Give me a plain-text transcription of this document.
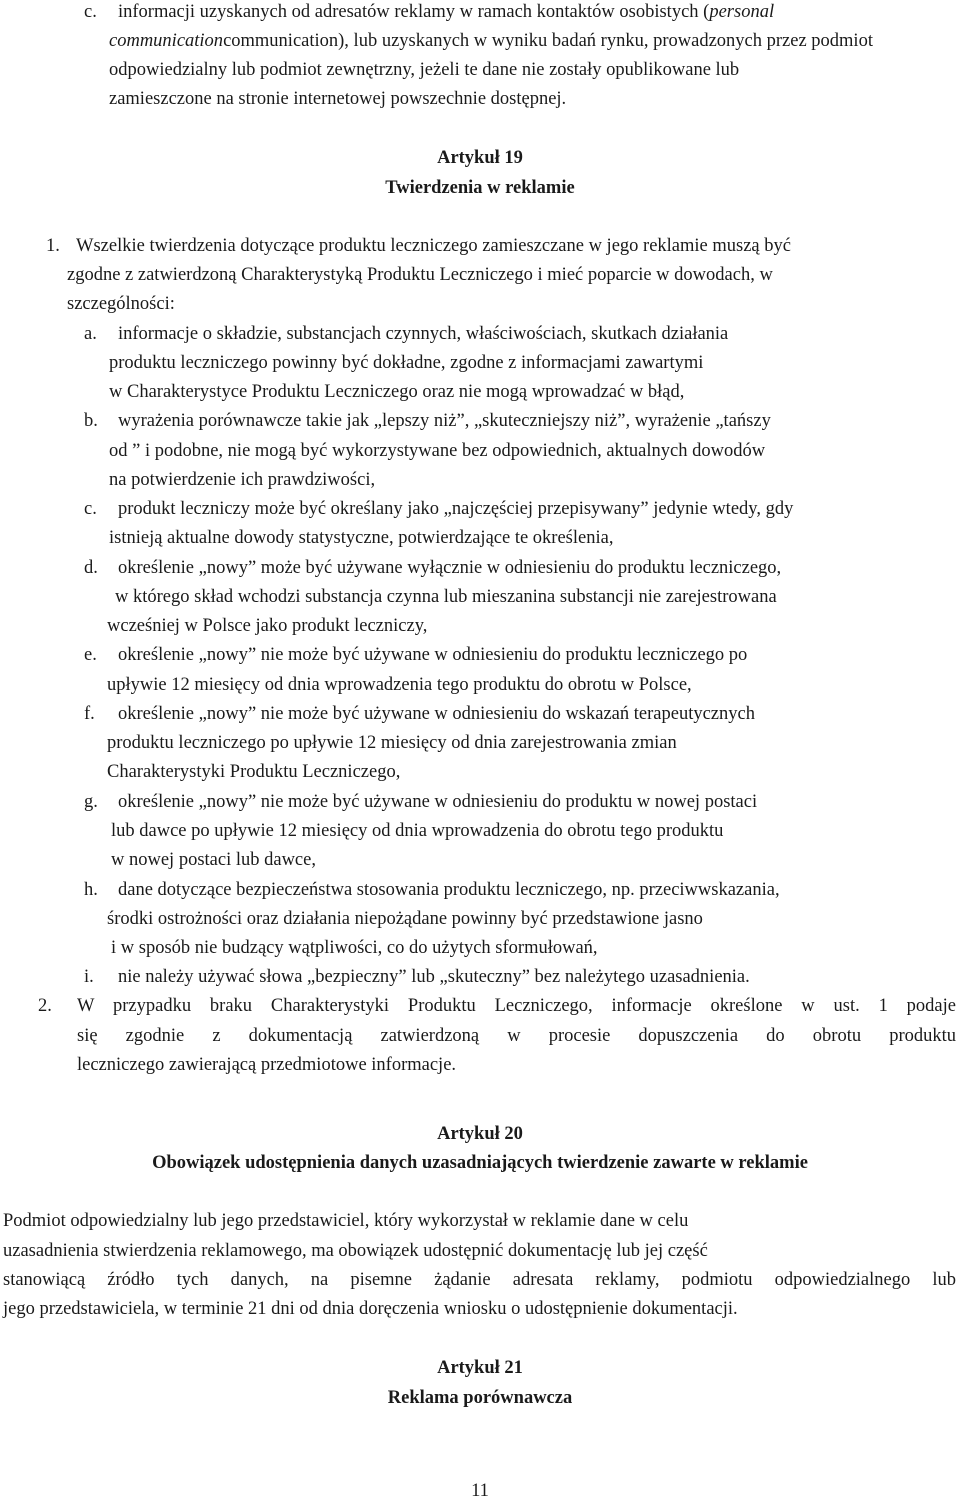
c. informacji uzyskanych od adresatów reklamy w ramach kontaktów osobistych (personal
communicationcommunication), lub uzyskanych w wyniku badań rynku, prowadzonych przez podmiot
odpowiedzialny lub podmiot zewnętrzny, jeżeli te dane nie zostały opublikowane lub
zamieszczone na stronie internetowej powszechnie dostępnej.
Artykuł 19
Twierdzenia w reklamie
1. Wszelkie twierdzenia dotyczące produktu leczniczego zamieszczane w jego reklamie muszą być
zgodne z zatwierdzoną Charakterystyką Produktu Leczniczego i mieć poparcie w dowodach, w
szczególności:
a. informacje o składzie, substancjach czynnych, właściwościach, skutkach działania
produktu leczniczego powinny być dokładne, zgodne z informacjami zawartymi
w Charakterystyce Produktu Leczniczego oraz nie mogą wprowadzać w błąd,
b. wyrażenia porównawcze takie jak „lepszy niż”, „skuteczniejszy niż”, wyrażenie „tańszy
od ” i podobne, nie mogą być wykorzystywane bez odpowiednich, aktualnych dowodów
na potwierdzenie ich prawdziwości,
c. produkt leczniczy może być określany jako „najczęściej przepisywany” jedynie wtedy, gdy
istnieją aktualne dowody statystyczne, potwierdzające te określenia,
d. określenie „nowy” może być używane wyłącznie w odniesieniu do produktu leczniczego,
w którego skład wchodzi substancja czynna lub mieszanina substancji nie zarejestrowana
wcześniej w Polsce jako produkt leczniczy,
e. określenie „nowy” nie może być używane w odniesieniu do produktu leczniczego po
upływie 12 miesięcy od dnia wprowadzenia tego produktu do obrotu w Polsce,
f. określenie „nowy” nie może być używane w odniesieniu do wskazań terapeutycznych
produktu leczniczego po upływie 12 miesięcy od dnia zarejestrowania zmian
Charakterystyki Produktu Leczniczego,
g. określenie „nowy” nie może być używane w odniesieniu do produktu w nowej postaci
lub dawce po upływie 12 miesięcy od dnia wprowadzenia do obrotu tego produktu
w nowej postaci lub dawce,
h. dane dotyczące bezpieczeństwa stosowania produktu leczniczego, np. przeciwwskazania,
środki ostrożności oraz działania niepożądane powinny być przedstawione jasno
i w sposób nie budzący wątpliwości, co do użytych sformułowań,
i. nie należy używać słowa „bezpieczny” lub „skuteczny” bez należytego uzasadnienia.
2. W przypadku braku Charakterystyki Produktu Leczniczego, informacje określone w ust. 1 podaje
się zgodnie z dokumentacją zatwierdzoną w procesie dopuszczenia do obrotu produktu
leczniczego zawierającą przedmiotowe informacje.
Artykuł 20
Obowiązek udostępnienia danych uzasadniających twierdzenie zawarte w reklamie
Podmiot odpowiedzialny lub jego przedstawiciel, który wykorzystał w reklamie dane w celu
uzasadnienia stwierdzenia reklamowego, ma obowiązek udostępnić dokumentację lub jej część
stanowiącą źródło tych danych, na pisemne żądanie adresata reklamy, podmiotu odpowiedzialnego lub
jego przedstawiciela, w terminie 21 dni od dnia doręczenia wniosku o udostępnienie dokumentacji.
Artykuł 21
Reklama porównawcza
11
